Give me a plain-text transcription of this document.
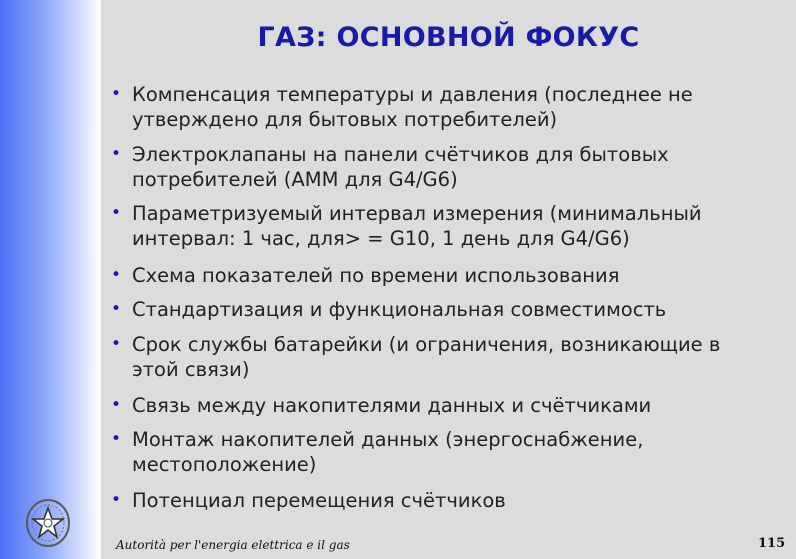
ГАЗ: ОСНОВНОЙ ФОКУС
• Компенсация температуры и давления (последнее не утверждено для бытовых потребителей)
• Электроклапаны на панели счётчиков для бытовых потребителей (AMM для G4/G6)
• Параметризуемый интервал измерения (минимальный интервал: 1 час, для> = G10, 1 день для G4/G6)
• Схема показателей по времени использования
• Стандартизация и функциональная совместимость
• Срок службы батарейки (и ограничения, возникающие в этой связи)
• Связь между накопителями данных и счётчиками
• Монтаж накопителей данных (энергоснабжение, местоположение)
• Потенциал перемещения счётчиков
Autorità per l'energia elettrica e il gas	115
